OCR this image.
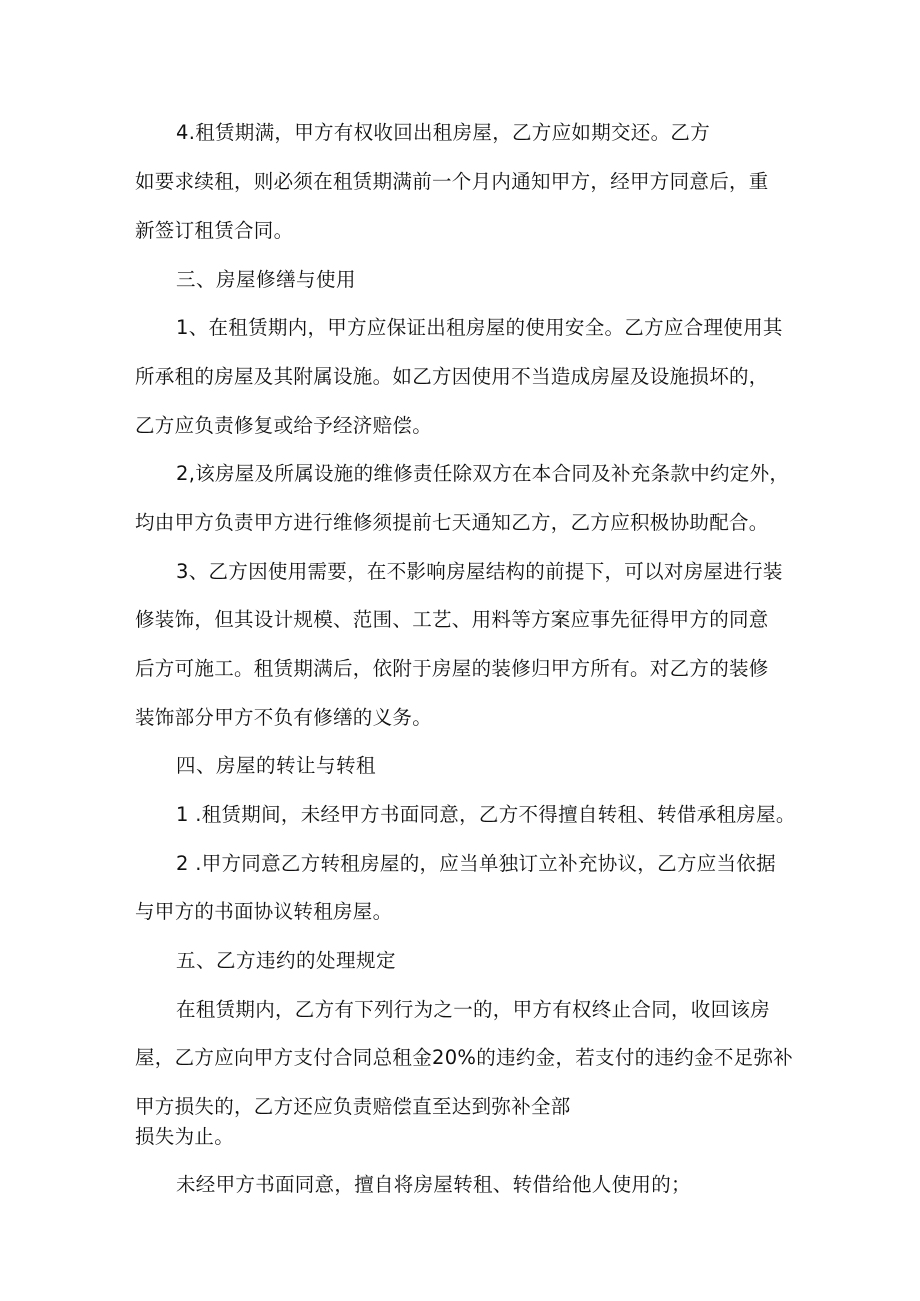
4.租赁期满，甲方有权收回出租房屋，乙方应如期交还。乙方
如要求续租，则必须在租赁期满前一个月内通知甲方，经甲方同意后，重
新签订租赁合同。
三、房屋修缮与使用
1、在租赁期内，甲方应保证出租房屋的使用安全。乙方应合理使用其
所承租的房屋及其附属设施。如乙方因使用不当造成房屋及设施损坏的，
乙方应负责修复或给予经济赔偿。
2,该房屋及所属设施的维修责任除双方在本合同及补充条款中约定外，
均由甲方负责甲方进行维修须提前七天通知乙方，乙方应积极协助配合。
3、乙方因使用需要，在不影响房屋结构的前提下，可以对房屋进行装
修装饰，但其设计规模、范围、工艺、用料等方案应事先征得甲方的同意
后方可施工。租赁期满后，依附于房屋的装修归甲方所有。对乙方的装修
装饰部分甲方不负有修缮的义务。
四、房屋的转让与转租
1 .租赁期间，未经甲方书面同意，乙方不得擅自转租、转借承租房屋。
2 .甲方同意乙方转租房屋的，应当单独订立补充协议，乙方应当依据
与甲方的书面协议转租房屋。
五、乙方违约的处理规定
在租赁期内，乙方有下列行为之一的，甲方有权终止合同，收回该房
屋，乙方应向甲方支付合同总租金20%的违约金，若支付的违约金不足弥补
甲方损失的，乙方还应负责赔偿直至达到弥补全部
损失为止。
未经甲方书面同意，擅自将房屋转租、转借给他人使用的；
